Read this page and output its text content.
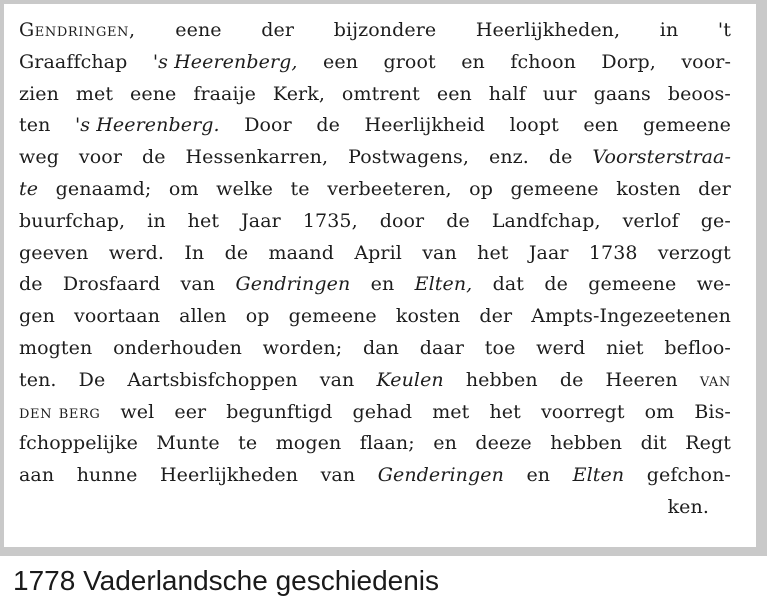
Gendringen, eene der bijzondere Heerlijkheden, in 't
Graaffchap 's Heerenberg, een groot en fchoon Dorp, voor-
zien met eene fraaije Kerk, omtrent een half uur gaans beoos-
ten 's Heerenberg. Door de Heerlijkheid loopt een gemeene
weg voor de Hessenkarren, Postwagens, enz. de Voorsterstraa-
te genaamd; om welke te verbeeteren, op gemeene kosten der
buurfchap, in het Jaar 1735, door de Landfchap, verlof ge-
geeven werd. In de maand April van het Jaar 1738 verzogt
de Drosfaard van Gendringen en Elten, dat de gemeene we-
gen voortaan allen op gemeene kosten der Ampts-Ingezeetenen
mogten onderhouden worden; dan daar toe werd niet befloo-
ten. De Aartsbisfchoppen van Keulen hebben de Heeren van
den berg wel eer begunftigd gehad met het voorregt om Bis-
fchoppelijke Munte te mogen flaan; en deeze hebben dit Regt
aan hunne Heerlijkheden van Genderingen en Elten gefchon-
ken.
1778 Vaderlandsche geschiedenis
